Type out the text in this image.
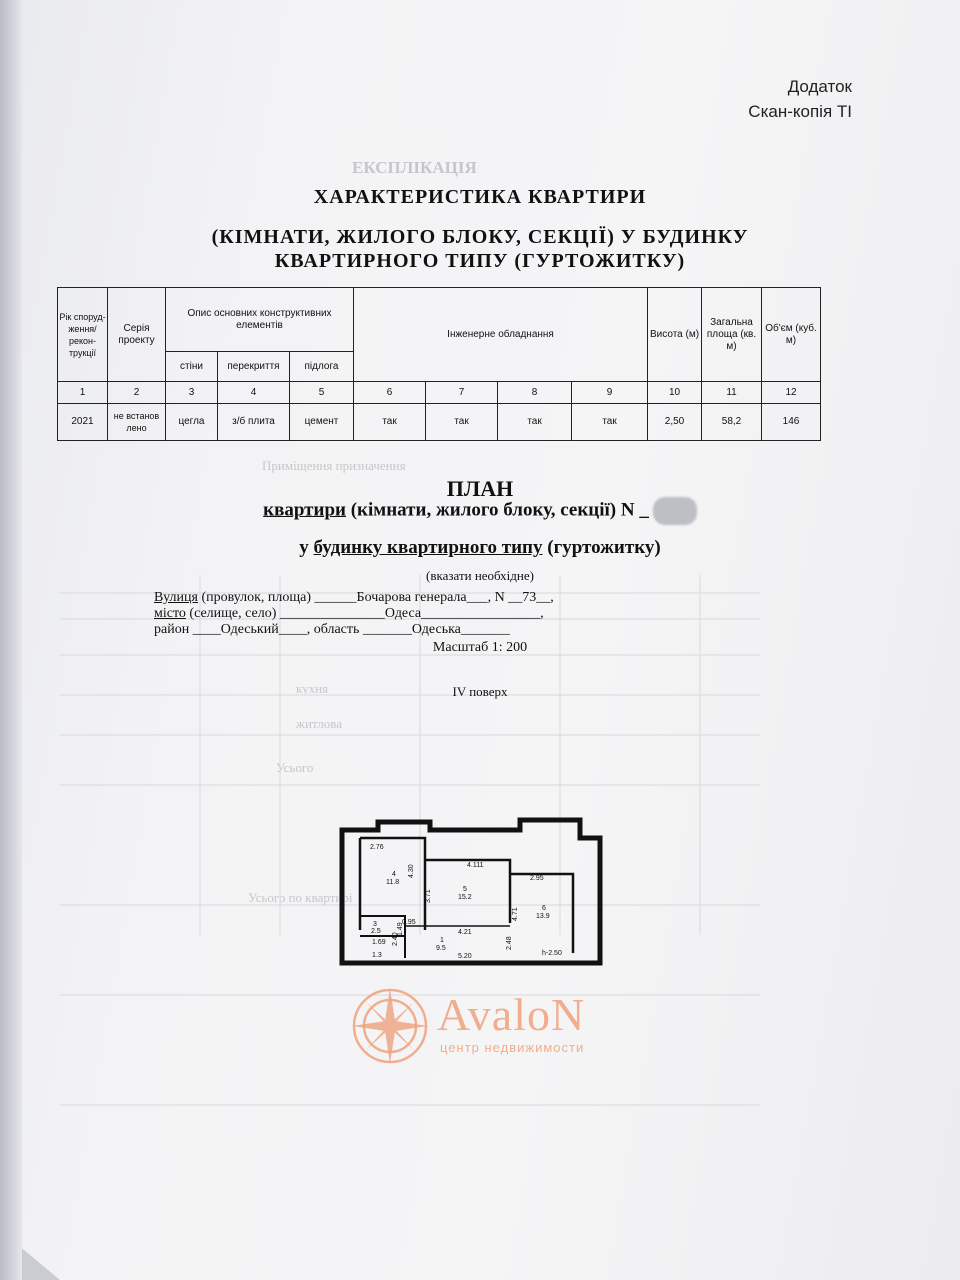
ЕКСПЛІКАЦІЯ
Приміщення призначення
кухня
житлова
Усього
Усього по квартирі
Додаток
Скан-копія ТІ
ХАРАКТЕРИСТИКА КВАРТИРИ
(КІМНАТИ, ЖИЛОГО БЛОКУ, СЕКЦІЇ) У БУДИНКУ
КВАРТИРНОГО ТИПУ (ГУРТОЖИТКУ)
Рік споруд-ження/ рекон-трукції	Серія проекту	Опис основних конструктивних елементів			Інженерне обладнання				Висота (м)	Загальна площа (кв. м)	Об'єм (куб. м)
		стіни	перекриття	підлога							
1	2	3	4	5	6	7	8	9	10	11	12
2021	не встанов лено	цегла	з/б плита	цемент	так	так	так	так	2,50	58,2	146
ПЛАН
квартири (кімнати, жилого блоку, секції) N _
у будинку квартирного типу (гуртожитку)
(вказати необхідне)
Вулиця (провулок, площа) ______Бочарова генерала___, N __73__,
місто (селище, село) _______________Одеса_________________,
район ____Одеський____, область _______Одеська_______
Масштаб 1: 200
IV поверх
2.76
4.111
4.30
4
11.8
5
15.2
3.71
2.95
6
13.9
4.71
4.21
1
9.5
5.20
2.48
h-2.50
3
2.5
0.95
1.69 2.40
1.49
1.3
AvaloN
центр недвижимости
